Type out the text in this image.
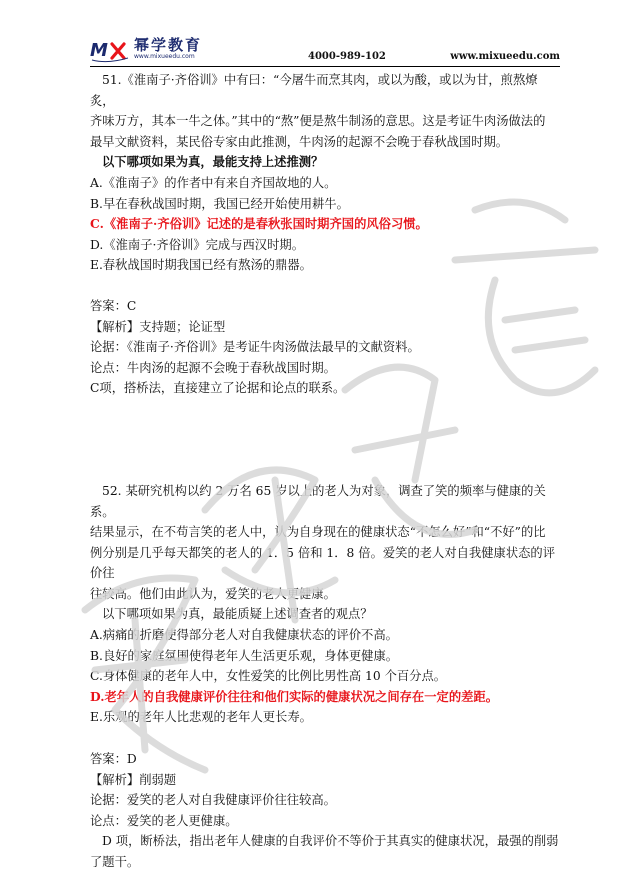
M 幂学教育
www.mixueedu.com	4000-989-102	www.mixueedu.com

51.《淮南子·齐俗训》中有曰：“今屠牛而烹其肉，或以为酸，或以为甘，煎熬燎炙，

齐味万方，其本一牛之体。”其中的“熬”便是熬牛制汤的意思。这是考证牛肉汤做法的

最早文献资料，某民俗专家由此推测，牛肉汤的起源不会晚于春秋战国时期。

以下哪项如果为真，最能支持上述推测？

A.《淮南子》的作者中有来自齐国故地的人。

B.早在春秋战国时期，我国已经开始使用耕牛。

C.《淮南子·齐俗训》记述的是春秋张国时期齐国的风俗习惯。

D.《淮南子·齐俗训》完成与西汉时期。

E.春秋战国时期我国已经有熬汤的鼎器。

答案：C

【解析】支持题；论证型

论据：《淮南子·齐俗训》是考证牛肉汤做法最早的文献资料。

论点：牛肉汤的起源不会晚于春秋战国时期。

C项，搭桥法，直接建立了论据和论点的联系。

52. 某研究机构以约 2 万名 65 岁以上的老人为对象，调查了笑的频率与健康的关系。

结果显示，在不苟言笑的老人中，认为自身现在的健康状态“不怎么好”和“不好”的比

例分别是几乎每天都笑的老人的 1．5 倍和 1．8 倍。爱笑的老人对自我健康状态的评价往

往较高。他们由此认为，爱笑的老人更健康。

以下哪项如果为真，最能质疑上述调查者的观点？

A.病痛的折磨使得部分老人对自我健康状态的评价不高。

B.良好的家庭氛围使得老年人生活更乐观，身体更健康。

C.身体健康的老年人中，女性爱笑的比例比男性高 10 个百分点。

D.老年人的自我健康评价往往和他们实际的健康状况之间存在一定的差距。

E.乐观的老年人比悲观的老年人更长寿。

答案：D

【解析】削弱题

论据：爱笑的老人对自我健康评价往往较高。

论点：爱笑的老人更健康。

D 项，断桥法，指出老年人健康的自我评价不等价于其真实的健康状况，最强的削弱

了题干。
